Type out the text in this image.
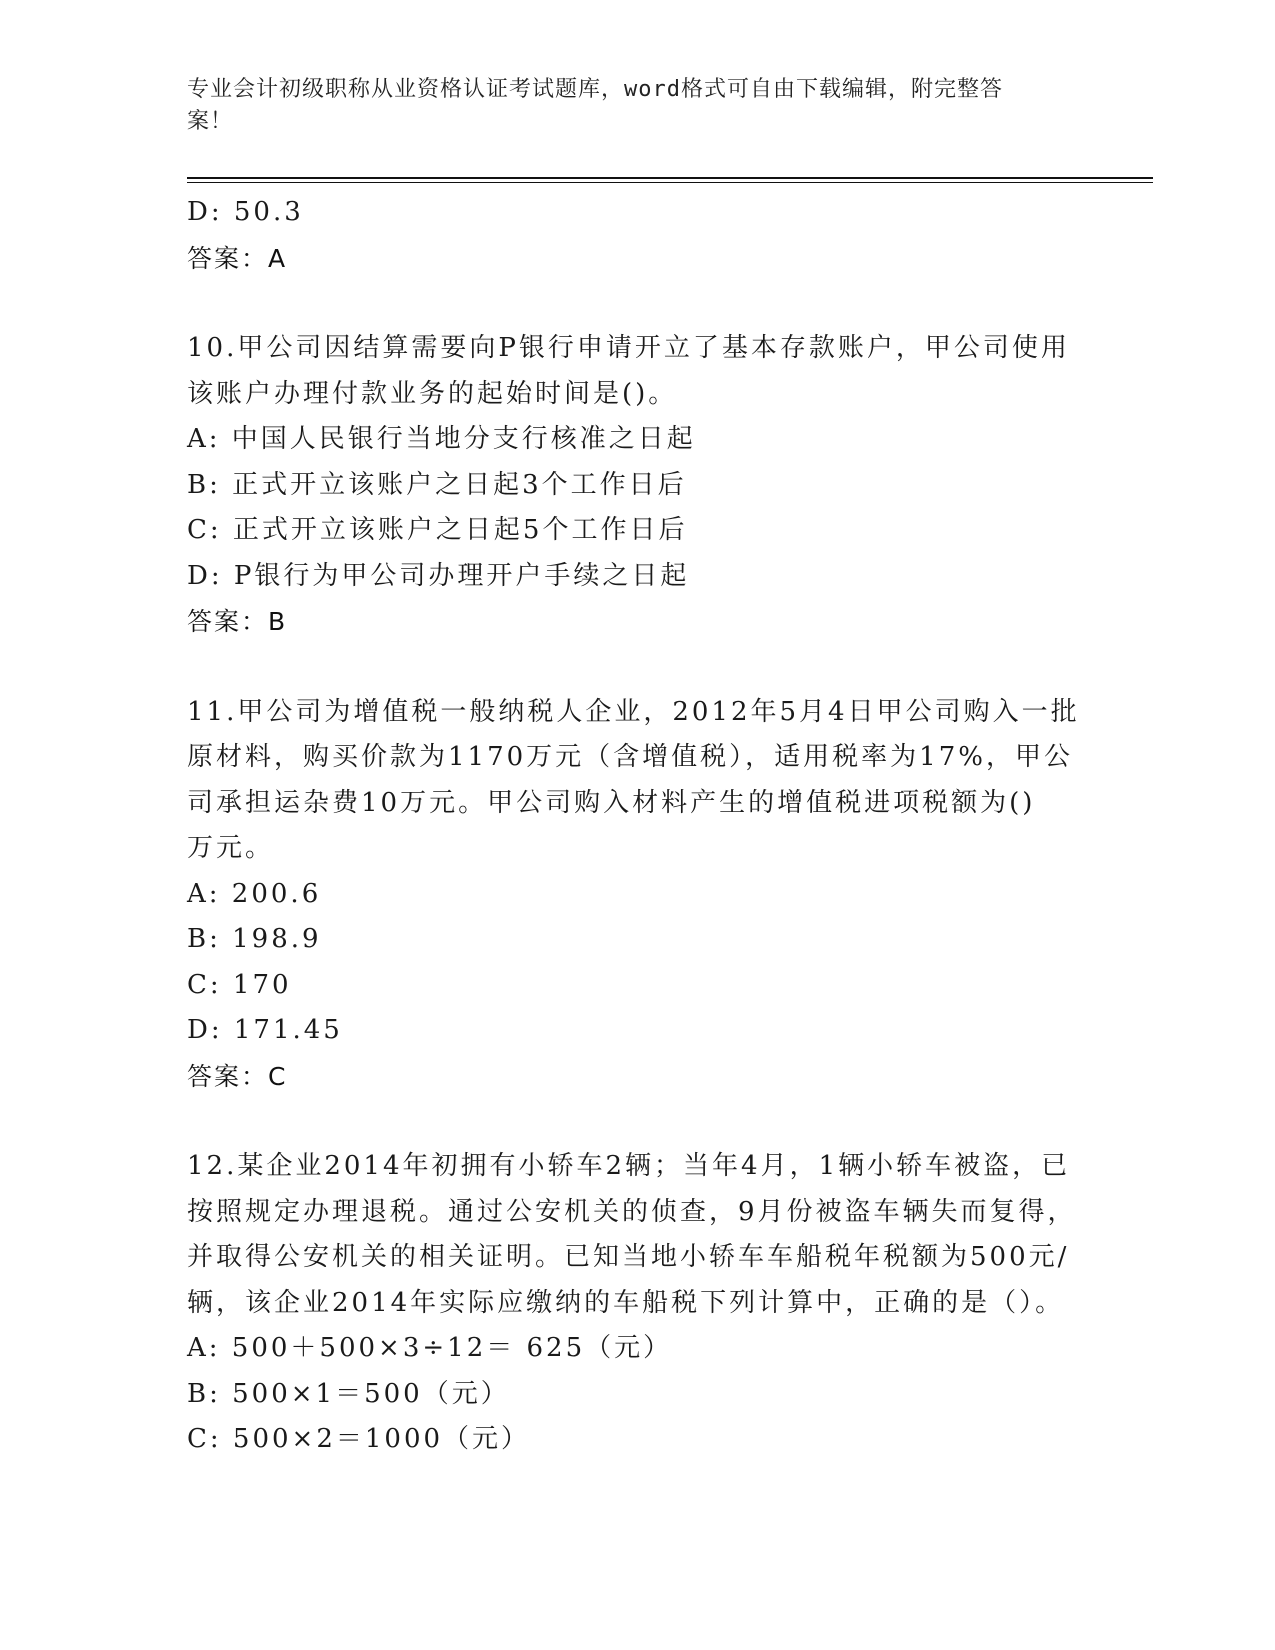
专业会计初级职称从业资格认证考试题库，word格式可自由下载编辑，附完整答
案！
D: 50.3
答案：A
10.甲公司因结算需要向P银行申请开立了基本存款账户，甲公司使用
该账户办理付款业务的起始时间是()。
A: 中国人民银行当地分支行核准之日起
B: 正式开立该账户之日起3个工作日后
C: 正式开立该账户之日起5个工作日后
D: P银行为甲公司办理开户手续之日起
答案：B
11.甲公司为增值税一般纳税人企业，2012年5月4日甲公司购入一批
原材料，购买价款为1170万元（含增值税），适用税率为17%，甲公
司承担运杂费10万元。甲公司购入材料产生的增值税进项税额为()
万元。
A: 200.6
B: 198.9
C: 170
D: 171.45
答案：C
12.某企业2014年初拥有小轿车2辆；当年4月，1辆小轿车被盗，已
按照规定办理退税。通过公安机关的侦查，9月份被盗车辆失而复得，
并取得公安机关的相关证明。已知当地小轿车车船税年税额为500元/
辆，该企业2014年实际应缴纳的车船税下列计算中，正确的是（）。
A: 500＋500×3÷12＝ 625（元）
B: 500×1＝500（元）
C: 500×2＝1000（元）
